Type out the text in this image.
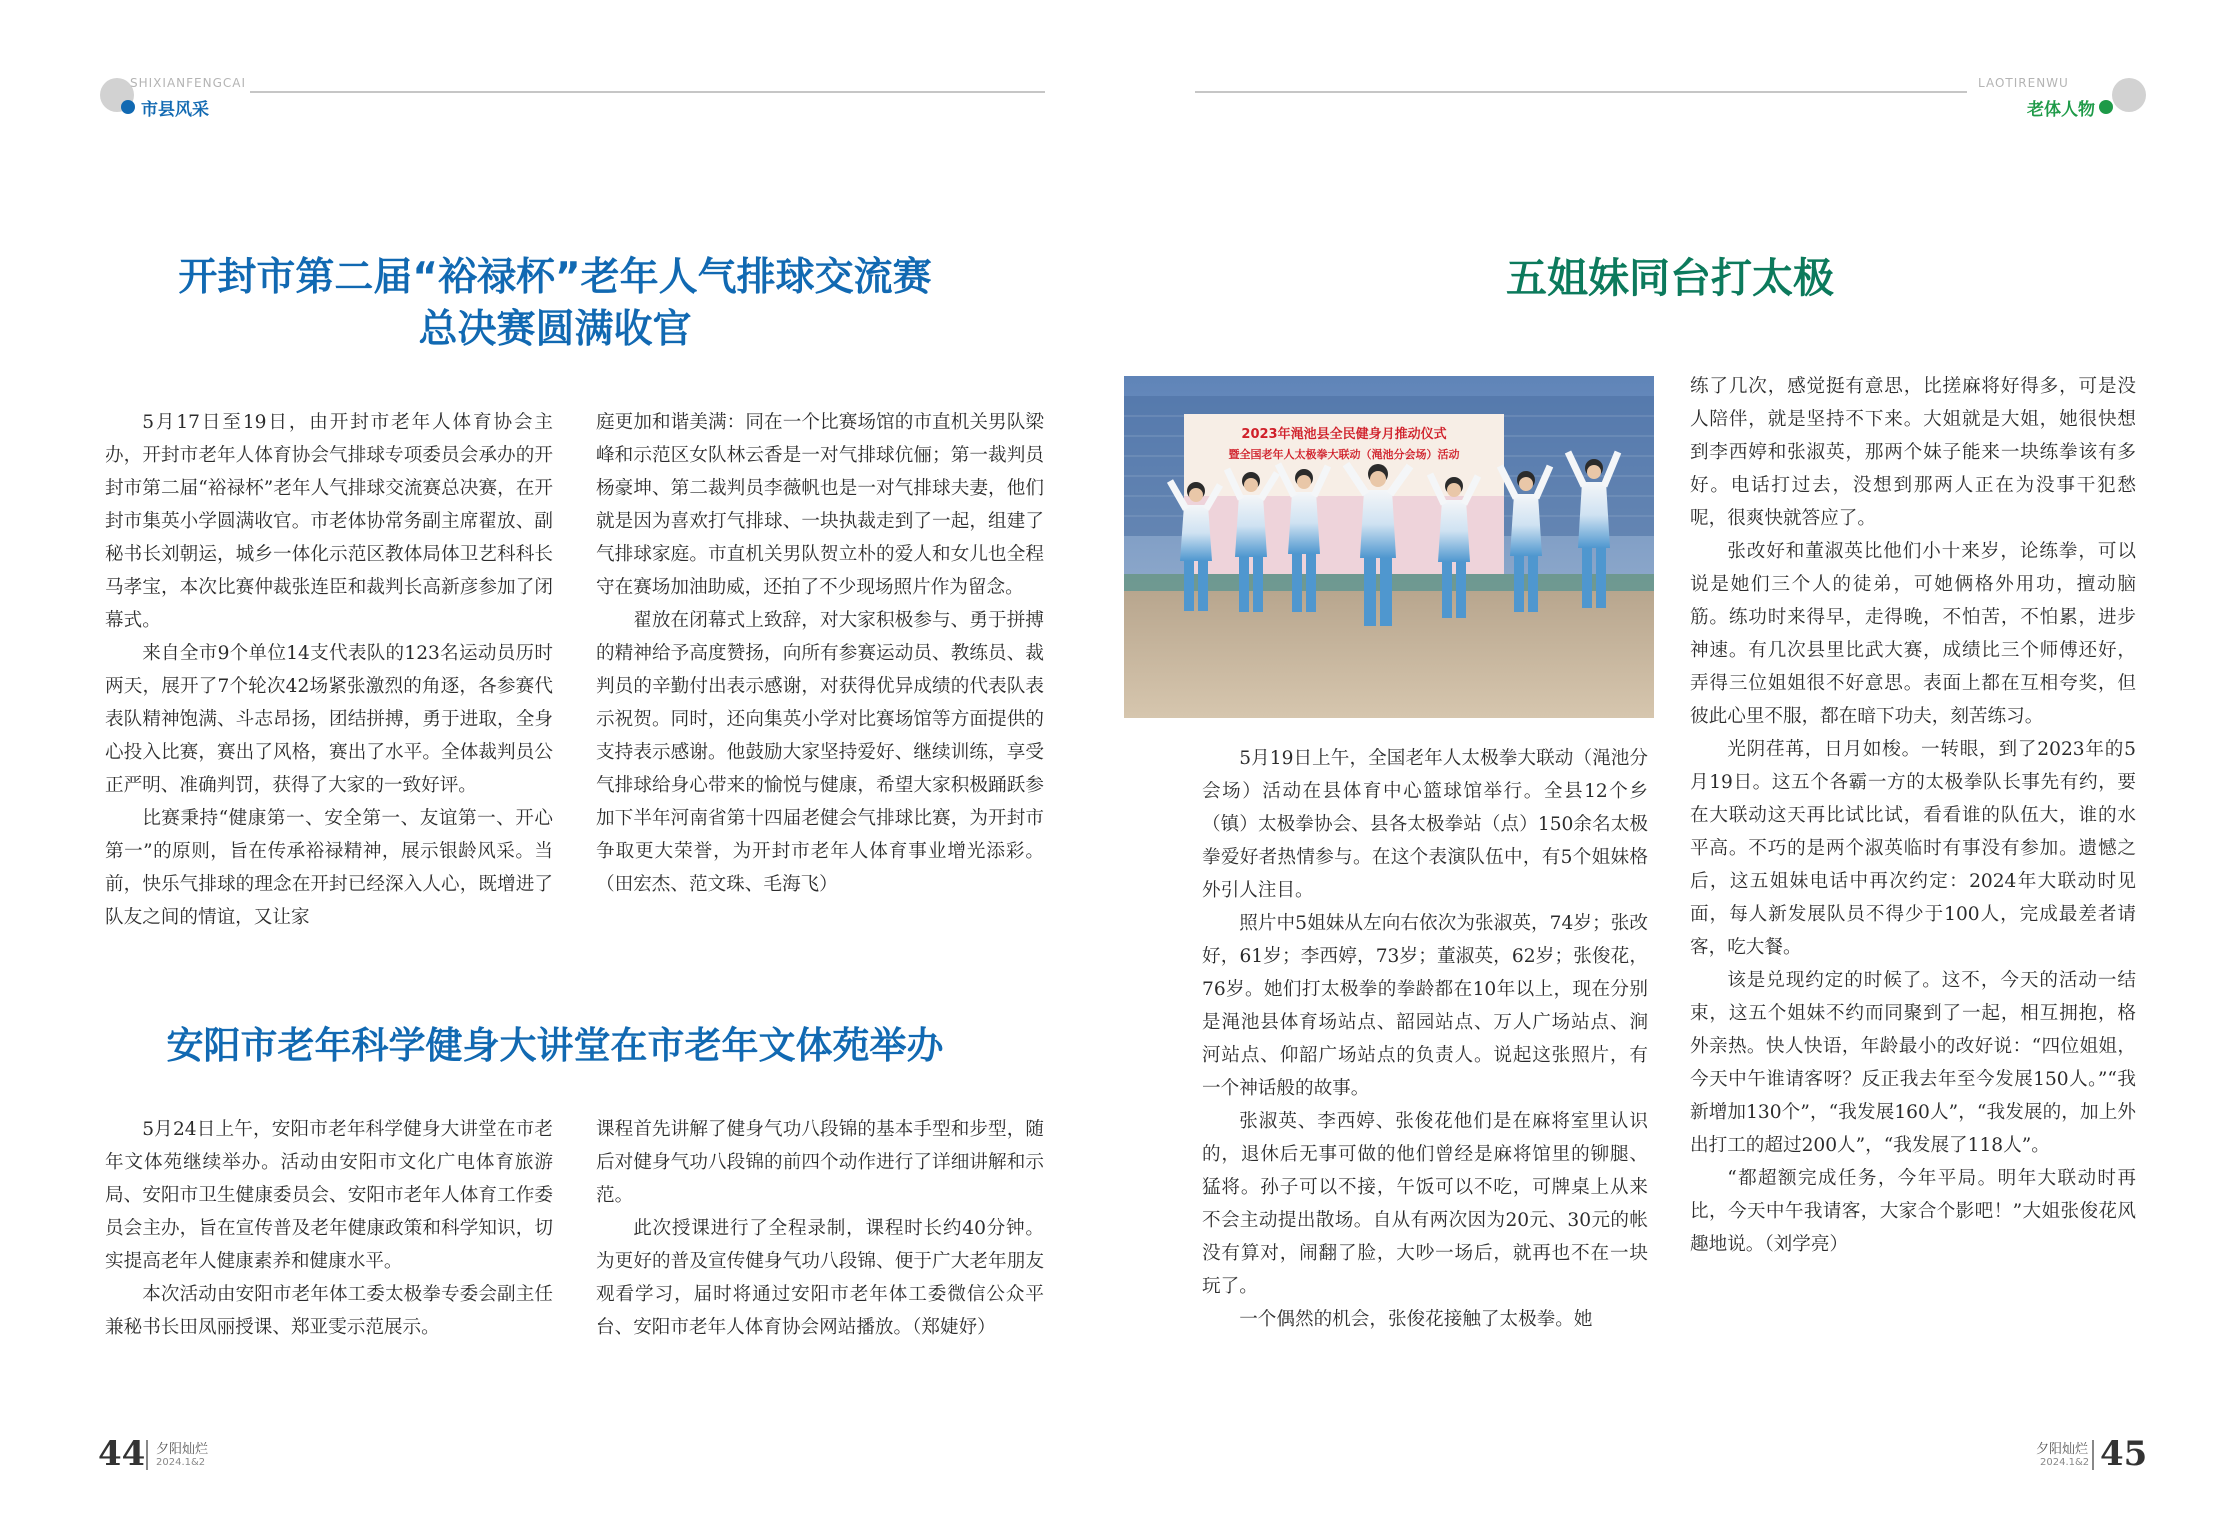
SHIXIANFENGCAI
市县风采
LAOTIRENWU
老体人物
开封市第二届“裕禄杯”老年人气排球交流赛
总决赛圆满收官

5月17日至19日，由开封市老年人体育协会主办，开封市老年人体育协会气排球专项委员会承办的开封市第二届“裕禄杯”老年人气排球交流赛总决赛，在开封市集英小学圆满收官。市老体协常务副主席翟放、副秘书长刘朝运，城乡一体化示范区教体局体卫艺科科长马孝宝，本次比赛仲裁张连臣和裁判长高新彦参加了闭幕式。

来自全市9个单位14支代表队的123名运动员历时两天，展开了7个轮次42场紧张激烈的角逐，各参赛代表队精神饱满、斗志昂扬，团结拼搏，勇于进取，全身心投入比赛，赛出了风格，赛出了水平。全体裁判员公正严明、准确判罚，获得了大家的一致好评。

比赛秉持“健康第一、安全第一、友谊第一、开心第一”的原则，旨在传承裕禄精神，展示银龄风采。当前，快乐气排球的理念在开封已经深入人心，既增进了队友之间的情谊，又让家

庭更加和谐美满：同在一个比赛场馆的市直机关男队梁峰和示范区女队林云香是一对气排球伉俪；第一裁判员杨豪坤、第二裁判员李薇帆也是一对气排球夫妻，他们就是因为喜欢打气排球、一块执裁走到了一起，组建了气排球家庭。市直机关男队贺立朴的爱人和女儿也全程守在赛场加油助威，还拍了不少现场照片作为留念。

翟放在闭幕式上致辞，对大家积极参与、勇于拼搏的精神给予高度赞扬，向所有参赛运动员、教练员、裁判员的辛勤付出表示感谢，对获得优异成绩的代表队表示祝贺。同时，还向集英小学对比赛场馆等方面提供的支持表示感谢。他鼓励大家坚持爱好、继续训练，享受气排球给身心带来的愉悦与健康，希望大家积极踊跃参加下半年河南省第十四届老健会气排球比赛，为开封市争取更大荣誉，为开封市老年人体育事业增光添彩。（田宏杰、范文珠、毛海飞）

安阳市老年科学健身大讲堂在市老年文体苑举办

5月24日上午，安阳市老年科学健身大讲堂在市老年文体苑继续举办。活动由安阳市文化广电体育旅游局、安阳市卫生健康委员会、安阳市老年人体育工作委员会主办，旨在宣传普及老年健康政策和科学知识，切实提高老年人健康素养和健康水平。

本次活动由安阳市老年体工委太极拳专委会副主任兼秘书长田凤丽授课、郑亚雯示范展示。

课程首先讲解了健身气功八段锦的基本手型和步型，随后对健身气功八段锦的前四个动作进行了详细讲解和示范。

此次授课进行了全程录制，课程时长约40分钟。为更好的普及宣传健身气功八段锦、便于广大老年朋友观看学习，届时将通过安阳市老年体工委微信公众平台、安阳市老年人体育协会网站播放。（郑婕妤）

五姐妹同台打太极
2023年渑池县全民健身月推动仪式
暨全国老年人太极拳大联动（渑池分会场）活动

5月19日上午，全国老年人太极拳大联动（渑池分会场）活动在县体育中心篮球馆举行。全县12个乡（镇）太极拳协会、县各太极拳站（点）150余名太极拳爱好者热情参与。在这个表演队伍中，有5个姐妹格外引人注目。

照片中5姐妹从左向右依次为张淑英，74岁；张改好，61岁；李西婷，73岁；董淑英，62岁；张俊花，76岁。她们打太极拳的拳龄都在10年以上，现在分别是渑池县体育场站点、韶园站点、万人广场站点、涧河站点、仰韶广场站点的负责人。说起这张照片，有一个神话般的故事。

张淑英、李西婷、张俊花他们是在麻将室里认识的，退休后无事可做的他们曾经是麻将馆里的铆腿、猛将。孙子可以不接，午饭可以不吃，可牌桌上从来不会主动提出散场。自从有两次因为20元、30元的帐没有算对，闹翻了脸，大吵一场后，就再也不在一块玩了。

一个偶然的机会，张俊花接触了太极拳。她

练了几次，感觉挺有意思，比搓麻将好得多，可是没人陪伴，就是坚持不下来。大姐就是大姐，她很快想到李西婷和张淑英，那两个妹子能来一块练拳该有多好。电话打过去，没想到那两人正在为没事干犯愁呢，很爽快就答应了。

张改好和董淑英比他们小十来岁，论练拳，可以说是她们三个人的徒弟，可她俩格外用功，擅动脑筋。练功时来得早，走得晚，不怕苦，不怕累，进步神速。有几次县里比武大赛，成绩比三个师傅还好，弄得三位姐姐很不好意思。表面上都在互相夸奖，但彼此心里不服，都在暗下功夫，刻苦练习。

光阴荏苒，日月如梭。一转眼，到了2023年的5月19日。这五个各霸一方的太极拳队长事先有约，要在大联动这天再比试比试，看看谁的队伍大，谁的水平高。不巧的是两个淑英临时有事没有参加。遗憾之后，这五姐妹电话中再次约定：2024年大联动时见面，每人新发展队员不得少于100人，完成最差者请客，吃大餐。

该是兑现约定的时候了。这不，今天的活动一结束，这五个姐妹不约而同聚到了一起，相互拥抱，格外亲热。快人快语，年龄最小的改好说：“四位姐姐，今天中午谁请客呀？反正我去年至今发展150人。”“我新增加130个”，“我发展160人”，“我发展的，加上外出打工的超过200人”，“我发展了118人”。

“都超额完成任务，今年平局。明年大联动时再比，今天中午我请客，大家合个影吧！”大姐张俊花风趣地说。（刘学亮）

44 夕阳灿烂
2024.1&2
夕阳灿烂
2024.1&2 45
